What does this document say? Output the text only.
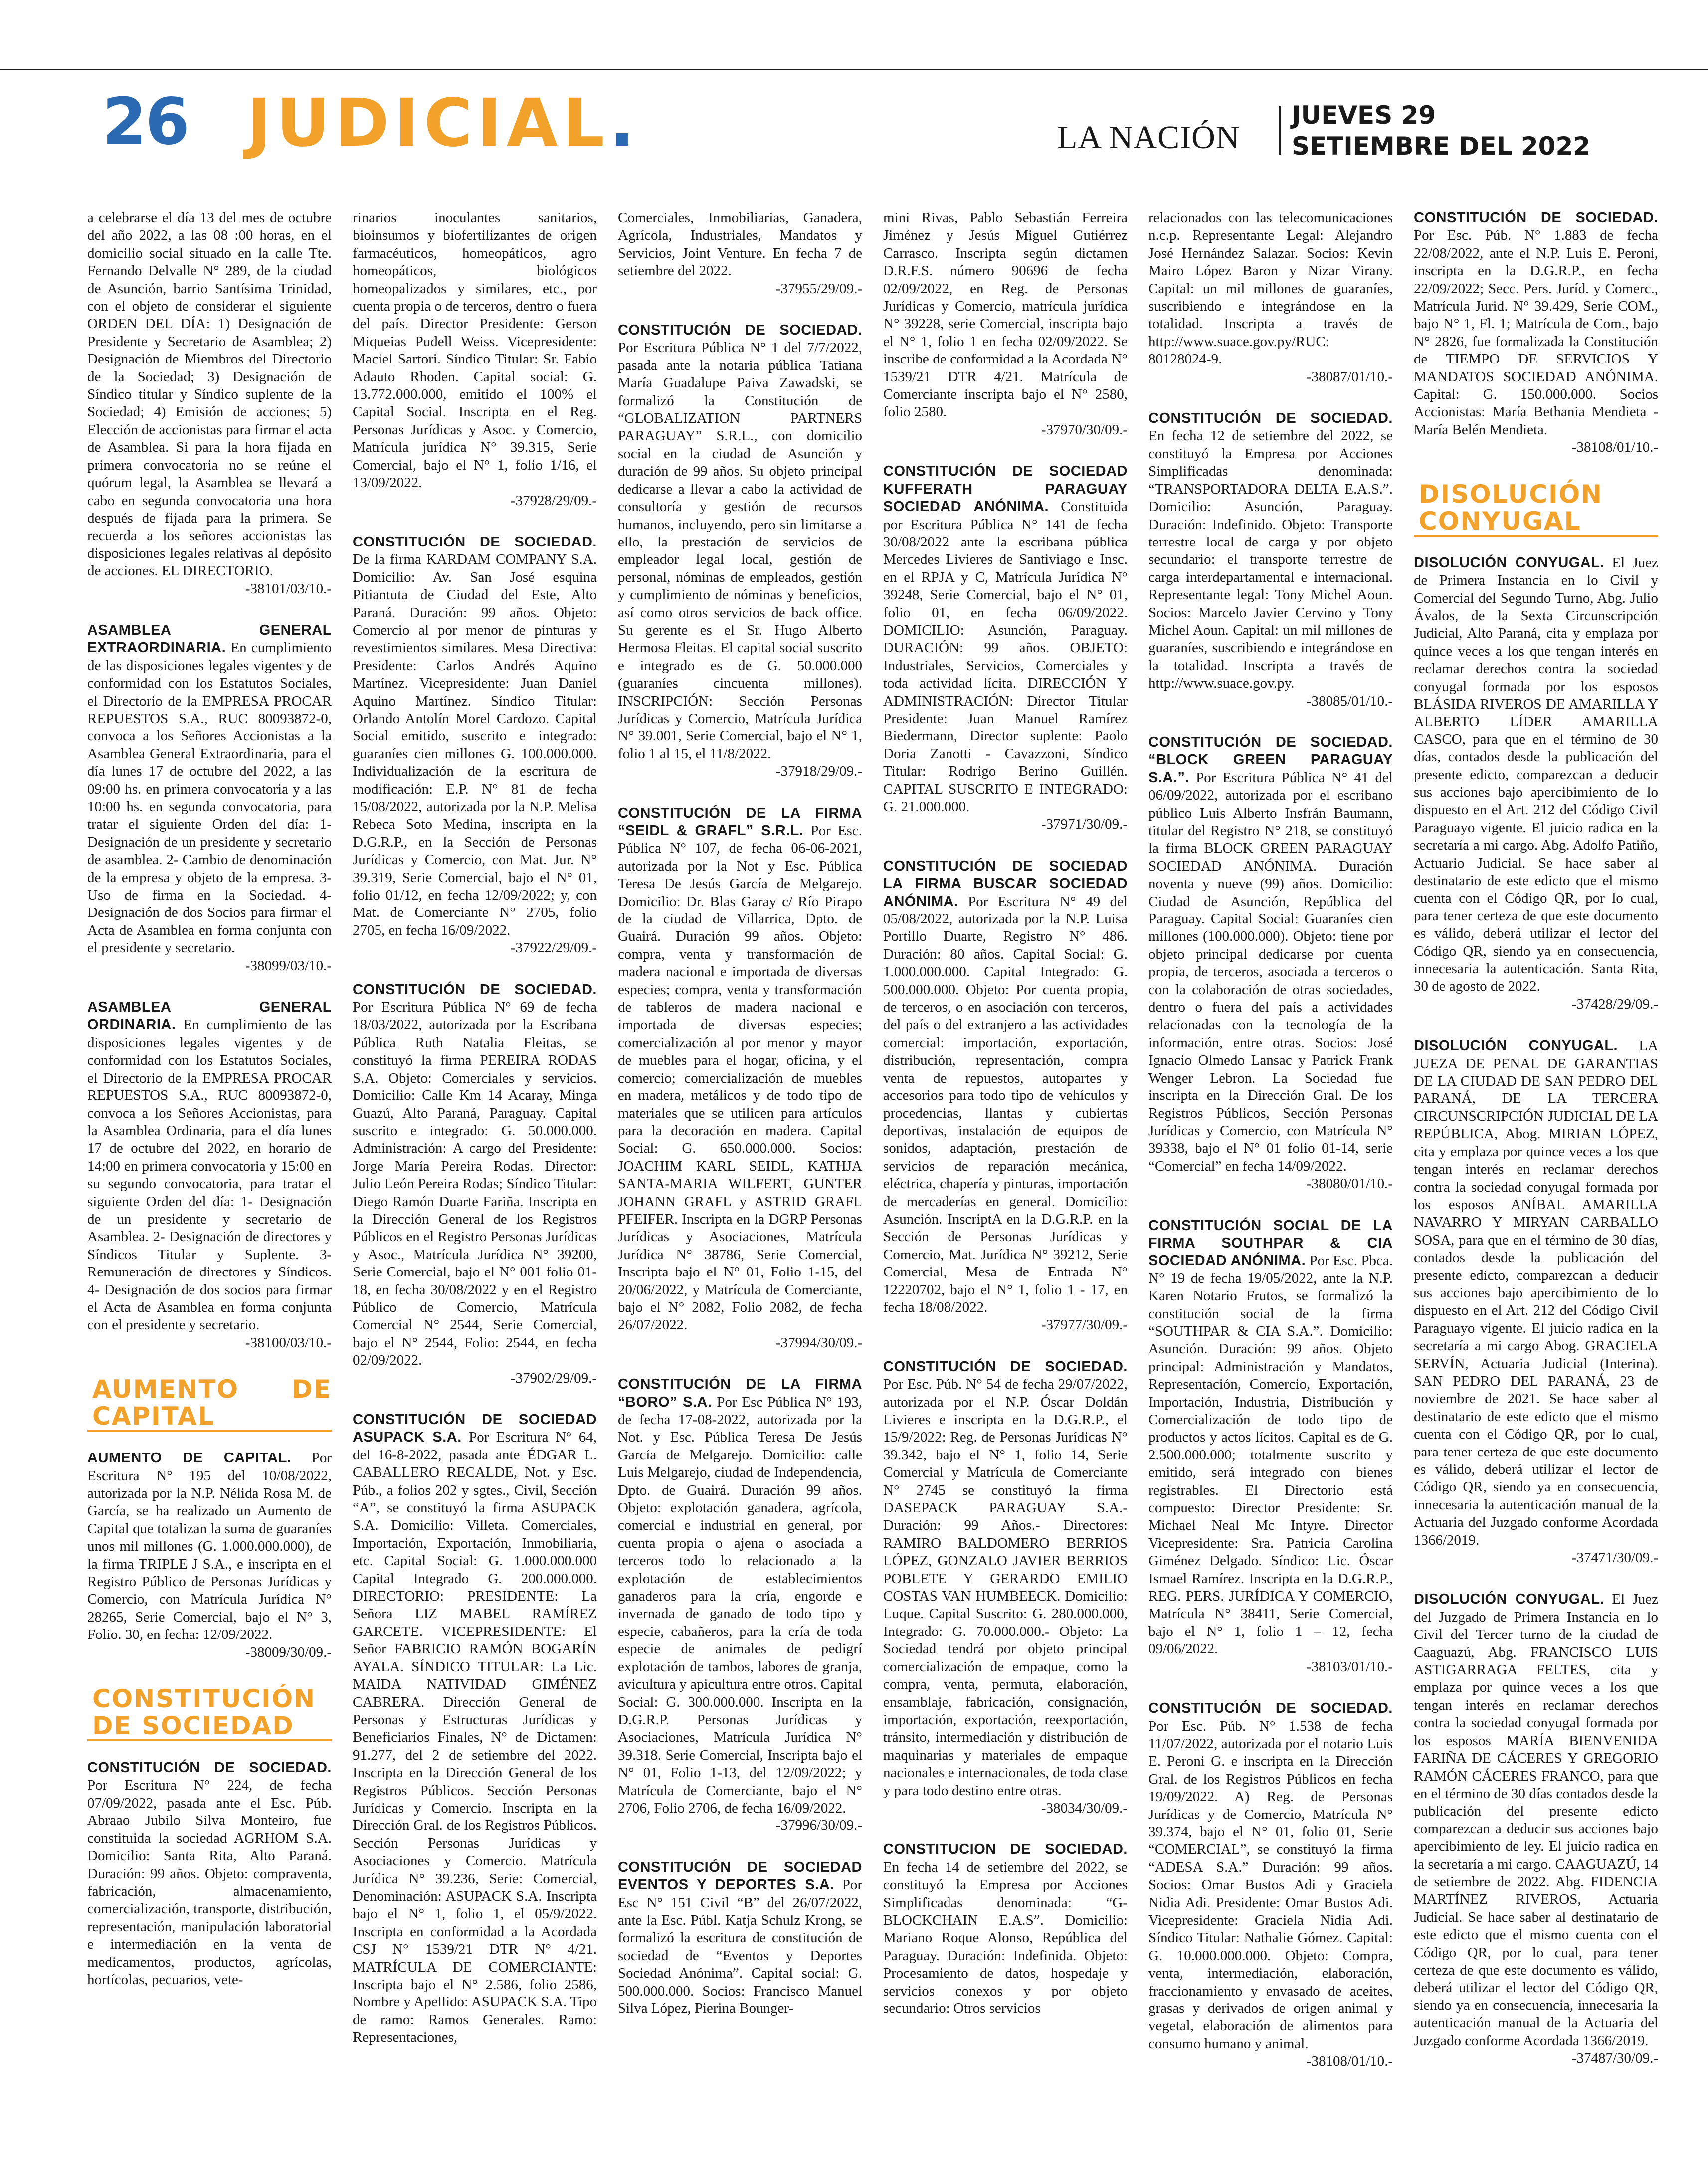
26 JUDICIAL.	LA NACIÓN
JUEVES 29
SETIEMBRE DEL 2022

a celebrarse el día 13 del mes de octubre del año 2022, a las 08 :00 horas, en el domicilio social situado en la calle Tte. Fernando Delvalle N° 289, de la ciudad de Asunción, barrio Santísima Trinidad, con el objeto de considerar el siguiente ORDEN DEL DÍA: 1) Designación de Presidente y Secretario de Asamblea; 2) Designación de Miembros del Directorio de la Sociedad; 3) Designación de Síndico titular y Síndico suplente de la Sociedad; 4) Emisión de acciones; 5) Elección de accionistas para firmar el acta de Asamblea. Si para la hora fijada en primera convocatoria no se reúne el quórum legal, la Asamblea se llevará a cabo en segunda convocatoria una hora después de fijada para la primera. Se recuerda a los señores accionistas las disposiciones legales relativas al depósito de acciones. EL DIRECTORIO.
-38101/03/10.-

ASAMBLEA GENERAL EXTRAORDINARIA. En cumplimiento de las disposiciones legales vigentes y de conformidad con los Estatutos Sociales, el Directorio de la EMPRESA PROCAR REPUESTOS S.A., RUC 80093872-0, convoca a los Señores Accionistas a la Asamblea General Extraordinaria, para el día lunes 17 de octubre del 2022, a las 09:00 hs. en primera convocatoria y a las 10:00 hs. en segunda convocatoria, para tratar el siguiente Orden del día: 1- Designación de un presidente y secretario de asamblea. 2- Cambio de denominación de la empresa y objeto de la empresa. 3- Uso de firma en la Sociedad. 4- Designación de dos Socios para firmar el Acta de Asamblea en forma conjunta con el presidente y secretario.
-38099/03/10.-

ASAMBLEA GENERAL ORDINARIA. En cumplimiento de las disposiciones legales vigentes y de conformidad con los Estatutos Sociales, el Directorio de la EMPRESA PROCAR REPUESTOS S.A., RUC 80093872-0, convoca a los Señores Accionistas, para la Asamblea Ordinaria, para el día lunes 17 de octubre del 2022, en horario de 14:00 en primera convocatoria y 15:00 en su segundo convocatoria, para tratar el siguiente Orden del día: 1- Designación de un presidente y secretario de Asamblea. 2- Designación de directores y Síndicos Titular y Suplente. 3- Remuneración de directores y Síndicos. 4- Designación de dos socios para firmar el Acta de Asamblea en forma conjunta con el presidente y secretario.
-38100/03/10.-

AUMENTO DE CAPITAL

AUMENTO DE CAPITAL. Por Escritura N° 195 del 10/08/2022, autorizada por la N.P. Nélida Rosa M. de García, se ha realizado un Aumento de Capital que totalizan la suma de guaraníes unos mil millones (G. 1.000.000.000), de la firma TRIPLE J S.A., e inscripta en el Registro Público de Personas Jurídicas y Comercio, con Matrícula Jurídica N° 28265, Serie Comercial, bajo el N° 3, Folio. 30, en fecha: 12/09/2022.
-38009/30/09.-

CONSTITUCIÓN DE SOCIEDAD

CONSTITUCIÓN DE SOCIEDAD. Por Escritura N° 224, de fecha 07/09/2022, pasada ante el Esc. Púb. Abraao Jubilo Silva Monteiro, fue constituida la sociedad AGRHOM S.A. Domicilio: Santa Rita, Alto Paraná. Duración: 99 años. Objeto: compraventa, fabricación, almacenamiento, comercialización, transporte, distribución, representación, manipulación laboratorial e intermediación en la venta de medicamentos, productos, agrícolas, hortícolas, pecuarios, vete-

rinarios inoculantes sanitarios, bioinsumos y biofertilizantes de origen farmacéuticos, homeopáticos, agro homeopáticos, biológicos homeopalizados y similares, etc., por cuenta propia o de terceros, dentro o fuera del país. Director Presidente: Gerson Miqueias Pudell Weiss. Vicepresidente: Maciel Sartori. Síndico Titular: Sr. Fabio Adauto Rhoden. Capital social: G. 13.772.000.000, emitido el 100% el Capital Social. Inscripta en el Reg. Personas Jurídicas y Asoc. y Comercio, Matrícula jurídica N° 39.315, Serie Comercial, bajo el N° 1, folio 1/16, el 13/09/2022.
-37928/29/09.-

CONSTITUCIÓN DE SOCIEDAD. De la firma KARDAM COMPANY S.A. Domicilio: Av. San José esquina Pitiantuta de Ciudad del Este, Alto Paraná. Duración: 99 años. Objeto: Comercio al por menor de pinturas y revestimientos similares. Mesa Directiva: Presidente: Carlos Andrés Aquino Martínez. Vicepresidente: Juan Daniel Aquino Martínez. Síndico Titular: Orlando Antolín Morel Cardozo. Capital Social emitido, suscrito e integrado: guaraníes cien millones G. 100.000.000. Individualización de la escritura de modificación: E.P. N° 81 de fecha 15/08/2022, autorizada por la N.P. Melisa Rebeca Soto Medina, inscripta en la D.G.R.P., en la Sección de Personas Jurídicas y Comercio, con Mat. Jur. N° 39.319, Serie Comercial, bajo el N° 01, folio 01/12, en fecha 12/09/2022; y, con Mat. de Comerciante N° 2705, folio 2705, en fecha 16/09/2022.
-37922/29/09.-

CONSTITUCIÓN DE SOCIEDAD. Por Escritura Pública N° 69 de fecha 18/03/2022, autorizada por la Escribana Pública Ruth Natalia Fleitas, se constituyó la firma PEREIRA RODAS S.A. Objeto: Comerciales y servicios. Domicilio: Calle Km 14 Acaray, Minga Guazú, Alto Paraná, Paraguay. Capital suscrito e integrado: G. 50.000.000. Administración: A cargo del Presidente: Jorge María Pereira Rodas. Director: Julio León Pereira Rodas; Síndico Titular: Diego Ramón Duarte Fariña. Inscripta en la Dirección General de los Registros Públicos en el Registro Personas Jurídicas y Asoc., Matrícula Jurídica N° 39200, Serie Comercial, bajo el N° 001 folio 01-18, en fecha 30/08/2022 y en el Registro Público de Comercio, Matrícula Comercial N° 2544, Serie Comercial, bajo el N° 2544, Folio: 2544, en fecha 02/09/2022.
-37902/29/09.-

CONSTITUCIÓN DE SOCIEDAD ASUPACK S.A. Por Escritura N° 64, del 16-8-2022, pasada ante ÉDGAR L. CABALLERO RECALDE, Not. y Esc. Púb., a folios 202 y sgtes., Civil, Sección “A”, se constituyó la firma ASUPACK S.A. Domicilio: Villeta. Comerciales, Importación, Exportación, Inmobiliaria, etc. Capital Social: G. 1.000.000.000 Capital Integrado G. 200.000.000. DIRECTORIO: PRESIDENTE: La Señora LIZ MABEL RAMÍREZ GARCETE. VICEPRESIDENTE: El Señor FABRICIO RAMÓN BOGARÍN AYALA. SÍNDICO TITULAR: La Lic. MAIDA NATIVIDAD GIMÉNEZ CABRERA. Dirección General de Personas y Estructuras Jurídicas y Beneficiarios Finales, N° de Dictamen: 91.277, del 2 de setiembre del 2022. Inscripta en la Dirección General de los Registros Públicos. Sección Personas Jurídicas y Comercio. Inscripta en la Dirección Gral. de los Registros Públicos. Sección Personas Jurídicas y Asociaciones y Comercio. Matrícula Jurídica N° 39.236, Serie: Comercial, Denominación: ASUPACK S.A. Inscripta bajo el N° 1, folio 1, el 05/9/2022. Inscripta en conformidad a la Acordada CSJ N° 1539/21 DTR N° 4/21. MATRÍCULA DE COMERCIANTE: Inscripta bajo el N° 2.586, folio 2586, Nombre y Apellido: ASUPACK S.A. Tipo de ramo: Ramos Generales. Ramo: Representaciones,

Comerciales, Inmobiliarias, Ganadera, Agrícola, Industriales, Mandatos y Servicios, Joint Venture. En fecha 7 de setiembre del 2022.
-37955/29/09.-

CONSTITUCIÓN DE SOCIEDAD. Por Escritura Pública N° 1 del 7/7/2022, pasada ante la notaria pública Tatiana María Guadalupe Paiva Zawadski, se formalizó la Constitución de “GLOBALIZATION PARTNERS PARAGUAY” S.R.L., con domicilio social en la ciudad de Asunción y duración de 99 años. Su objeto principal dedicarse a llevar a cabo la actividad de consultoría y gestión de recursos humanos, incluyendo, pero sin limitarse a ello, la prestación de servicios de empleador legal local, gestión de personal, nóminas de empleados, gestión y cumplimiento de nóminas y beneficios, así como otros servicios de back office. Su gerente es el Sr. Hugo Alberto Hermosa Fleitas. El capital social suscrito e integrado es de G. 50.000.000 (guaraníes cincuenta millones). INSCRIPCIÓN: Sección Personas Jurídicas y Comercio, Matrícula Jurídica N° 39.001, Serie Comercial, bajo el N° 1, folio 1 al 15, el 11/8/2022.
-37918/29/09.-

CONSTITUCIÓN DE LA FIRMA “SEIDL & GRAFL” S.R.L. Por Esc. Pública N° 107, de fecha 06-06-2021, autorizada por la Not y Esc. Pública Teresa De Jesús García de Melgarejo. Domicilio: Dr. Blas Garay c/ Río Pirapo de la ciudad de Villarrica, Dpto. de Guairá. Duración 99 años. Objeto: compra, venta y transformación de madera nacional e importada de diversas especies; compra, venta y transformación de tableros de madera nacional e importada de diversas especies; comercialización al por menor y mayor de muebles para el hogar, oficina, y el comercio; comercialización de muebles en madera, metálicos y de todo tipo de materiales que se utilicen para artículos para la decoración en madera. Capital Social: G. 650.000.000. Socios: JOACHIM KARL SEIDL, KATHJA SANTA-MARIA WILFERT, GUNTER JOHANN GRAFL y ASTRID GRAFL PFEIFER. Inscripta en la DGRP Personas Jurídicas y Asociaciones, Matrícula Jurídica N° 38786, Serie Comercial, Inscripta bajo el N° 01, Folio 1-15, del 20/06/2022, y Matrícula de Comerciante, bajo el N° 2082, Folio 2082, de fecha 26/07/2022.
-37994/30/09.-

CONSTITUCIÓN DE LA FIRMA “BORO” S.A. Por Esc Pública N° 193, de fecha 17-08-2022, autorizada por la Not. y Esc. Pública Teresa De Jesús García de Melgarejo. Domicilio: calle Luis Melgarejo, ciudad de Independencia, Dpto. de Guairá. Duración 99 años. Objeto: explotación ganadera, agrícola, comercial e industrial en general, por cuenta propia o ajena o asociada a terceros todo lo relacionado a la explotación de establecimientos ganaderos para la cría, engorde e invernada de ganado de todo tipo y especie, cabañeros, para la cría de toda especie de animales de pedigrí explotación de tambos, labores de granja, avicultura y apicultura entre otros. Capital Social: G. 300.000.000. Inscripta en la D.G.R.P. Personas Jurídicas y Asociaciones, Matrícula Jurídica N° 39.318. Serie Comercial, Inscripta bajo el N° 01, Folio 1-13, del 12/09/2022; y Matrícula de Comerciante, bajo el N° 2706, Folio 2706, de fecha 16/09/2022.
-37996/30/09.-

CONSTITUCIÓN DE SOCIEDAD EVENTOS Y DEPORTES S.A. Por Esc N° 151 Civil “B” del 26/07/2022, ante la Esc. Públ. Katja Schulz Krong, se formalizó la escritura de constitución de sociedad de “Eventos y Deportes Sociedad Anónima”. Capital social: G. 500.000.000. Socios: Francisco Manuel Silva López, Pierina Bounger-

mini Rivas, Pablo Sebastián Ferreira Jiménez y Jesús Miguel Gutiérrez Carrasco. Inscripta según dictamen D.R.F.S. número 90696 de fecha 02/09/2022, en Reg. de Personas Jurídicas y Comercio, matrícula jurídica N° 39228, serie Comercial, inscripta bajo el N° 1, folio 1 en fecha 02/09/2022. Se inscribe de conformidad a la Acordada N° 1539/21 DTR 4/21. Matrícula de Comerciante inscripta bajo el N° 2580, folio 2580.
-37970/30/09.-

CONSTITUCIÓN DE SOCIEDAD KUFFERATH PARAGUAY SOCIEDAD ANÓNIMA. Constituida por Escritura Pública N° 141 de fecha 30/08/2022 ante la escribana pública Mercedes Livieres de Santiviago e Insc. en el RPJA y C, Matrícula Jurídica N° 39248, Serie Comercial, bajo el N° 01, folio 01, en fecha 06/09/2022. DOMICILIO: Asunción, Paraguay. DURACIÓN: 99 años. OBJETO: Industriales, Servicios, Comerciales y toda actividad lícita. DIRECCIÓN Y ADMINISTRACIÓN: Director Titular Presidente: Juan Manuel Ramírez Biedermann, Director suplente: Paolo Doria Zanotti - Cavazzoni, Síndico Titular: Rodrigo Berino Guillén. CAPITAL SUSCRITO E INTEGRADO: G. 21.000.000.
-37971/30/09.-

CONSTITUCIÓN DE SOCIEDAD LA FIRMA BUSCAR SOCIEDAD ANÓNIMA. Por Escritura N° 49 del 05/08/2022, autorizada por la N.P. Luisa Portillo Duarte, Registro N° 486. Duración: 80 años. Capital Social: G. 1.000.000.000. Capital Integrado: G. 500.000.000. Objeto: Por cuenta propia, de terceros, o en asociación con terceros, del país o del extranjero a las actividades comercial: importación, exportación, distribución, representación, compra venta de repuestos, autopartes y accesorios para todo tipo de vehículos y procedencias, llantas y cubiertas deportivas, instalación de equipos de sonidos, adaptación, prestación de servicios de reparación mecánica, eléctrica, chapería y pinturas, importación de mercaderías en general. Domicilio: Asunción. InscriptA en la D.G.R.P. en la Sección de Personas Jurídicas y Comercio, Mat. Jurídica N° 39212, Serie Comercial, Mesa de Entrada N° 12220702, bajo el N° 1, folio 1 - 17, en fecha 18/08/2022.
-37977/30/09.-

CONSTITUCIÓN DE SOCIEDAD. Por Esc. Púb. N° 54 de fecha 29/07/2022, autorizada por el N.P. Óscar Doldán Livieres e inscripta en la D.G.R.P., el 15/9/2022: Reg. de Personas Jurídicas N° 39.342, bajo el N° 1, folio 14, Serie Comercial y Matrícula de Comerciante N° 2745 se constituyó la firma DASEPACK PARAGUAY S.A.- Duración: 99 Años.- Directores: RAMIRO BALDOMERO BERRIOS LÓPEZ, GONZALO JAVIER BERRIOS POBLETE Y GERARDO EMILIO COSTAS VAN HUMBEECK. Domicilio: Luque. Capital Suscrito: G. 280.000.000, Integrado: G. 70.000.000.- Objeto: La Sociedad tendrá por objeto principal comercialización de empaque, como la compra, venta, permuta, elaboración, ensamblaje, fabricación, consignación, importación, exportación, reexportación, tránsito, intermediación y distribución de maquinarias y materiales de empaque nacionales e internacionales, de toda clase y para todo destino entre otras.
-38034/30/09.-

CONSTITUCION DE SOCIEDAD. En fecha 14 de setiembre del 2022, se constituyó la Empresa por Acciones Simplificadas denominada: “G-BLOCKCHAIN E.A.S”. Domicilio: Mariano Roque Alonso, República del Paraguay. Duración: Indefinida. Objeto: Procesamiento de datos, hospedaje y servicios conexos y por objeto secundario: Otros servicios

relacionados con las telecomunicaciones n.c.p. Representante Legal: Alejandro José Hernández Salazar. Socios: Kevin Mairo López Baron y Nizar Virany. Capital: un mil millones de guaraníes, suscribiendo e integrándose en la totalidad. Inscripta a través de http://www.suace.gov.py/RUC: 80128024-9.
-38087/01/10.-

CONSTITUCIÓN DE SOCIEDAD. En fecha 12 de setiembre del 2022, se constituyó la Empresa por Acciones Simplificadas denominada: “TRANSPORTADORA DELTA E.A.S.”. Domicilio: Asunción, Paraguay. Duración: Indefinido. Objeto: Transporte terrestre local de carga y por objeto secundario: el transporte terrestre de carga interdepartamental e internacional. Representante legal: Tony Michel Aoun. Socios: Marcelo Javier Cervino y Tony Michel Aoun. Capital: un mil millones de guaraníes, suscribiendo e integrándose en la totalidad. Inscripta a través de http://www.suace.gov.py.
-38085/01/10.-

CONSTITUCIÓN DE SOCIEDAD. “BLOCK GREEN PARAGUAY S.A.”. Por Escritura Pública N° 41 del 06/09/2022, autorizada por el escribano público Luis Alberto Insfrán Baumann, titular del Registro N° 218, se constituyó la firma BLOCK GREEN PARAGUAY SOCIEDAD ANÓNIMA. Duración noventa y nueve (99) años. Domicilio: Ciudad de Asunción, República del Paraguay. Capital Social: Guaraníes cien millones (100.000.000). Objeto: tiene por objeto principal dedicarse por cuenta propia, de terceros, asociada a terceros o con la colaboración de otras sociedades, dentro o fuera del país a actividades relacionadas con la tecnología de la información, entre otras. Socios: José Ignacio Olmedo Lansac y Patrick Frank Wenger Lebron. La Sociedad fue inscripta en la Dirección Gral. De los Registros Públicos, Sección Personas Jurídicas y Comercio, con Matrícula N° 39338, bajo el N° 01 folio 01-14, serie “Comercial” en fecha 14/09/2022.
-38080/01/10.-

CONSTITUCIÓN SOCIAL DE LA FIRMA SOUTHPAR & CIA SOCIEDAD ANÓNIMA. Por Esc. Pbca. N° 19 de fecha 19/05/2022, ante la N.P. Karen Notario Frutos, se formalizó la constitución social de la firma “SOUTHPAR & CIA S.A.”. Domicilio: Asunción. Duración: 99 años. Objeto principal: Administración y Mandatos, Representación, Comercio, Exportación, Importación, Industria, Distribución y Comercialización de todo tipo de productos y actos lícitos. Capital es de G. 2.500.000.000; totalmente suscrito y emitido, será integrado con bienes registrables. El Directorio está compuesto: Director Presidente: Sr. Michael Neal Mc Intyre. Director Vicepresidente: Sra. Patricia Carolina Giménez Delgado. Síndico: Lic. Óscar Ismael Ramírez. Inscripta en la D.G.R.P., REG. PERS. JURÍDICA Y COMERCIO, Matrícula N° 38411, Serie Comercial, bajo el N° 1, folio 1 – 12, fecha 09/06/2022.
-38103/01/10.-

CONSTITUCIÓN DE SOCIEDAD. Por Esc. Púb. N° 1.538 de fecha 11/07/2022, autorizada por el notario Luis E. Peroni G. e inscripta en la Dirección Gral. de los Registros Públicos en fecha 19/09/2022. A) Reg. de Personas Jurídicas y de Comercio, Matrícula N° 39.374, bajo el N° 01, folio 01, Serie “COMERCIAL”, se constituyó la firma “ADESA S.A.” Duración: 99 años. Socios: Omar Bustos Adi y Graciela Nidia Adi. Presidente: Omar Bustos Adi. Vicepresidente: Graciela Nidia Adi. Síndico Titular: Nathalie Gómez. Capital: G. 10.000.000.000. Objeto: Compra, venta, intermediación, elaboración, fraccionamiento y envasado de aceites, grasas y derivados de origen animal y vegetal, elaboración de alimentos para consumo humano y animal.
-38108/01/10.-

CONSTITUCIÓN DE SOCIEDAD. Por Esc. Púb. N° 1.883 de fecha 22/08/2022, ante el N.P. Luis E. Peroni, inscripta en la D.G.R.P., en fecha 22/09/2022; Secc. Pers. Juríd. y Comerc., Matrícula Jurid. N° 39.429, Serie COM., bajo N° 1, Fl. 1; Matrícula de Com., bajo N° 2826, fue formalizada la Constitución de TIEMPO DE SERVICIOS Y MANDATOS SOCIEDAD ANÓNIMA. Capital: G. 150.000.000. Socios Accionistas: María Bethania Mendieta - María Belén Mendieta.
-38108/01/10.-

DISOLUCIÓN CONYUGAL

DISOLUCIÓN CONYUGAL. El Juez de Primera Instancia en lo Civil y Comercial del Segundo Turno, Abg. Julio Ávalos, de la Sexta Circunscripción Judicial, Alto Paraná, cita y emplaza por quince veces a los que tengan interés en reclamar derechos contra la sociedad conyugal formada por los esposos BLÁSIDA RIVEROS DE AMARILLA Y ALBERTO LÍDER AMARILLA CASCO, para que en el término de 30 días, contados desde la publicación del presente edicto, comparezcan a deducir sus acciones bajo apercibimiento de lo dispuesto en el Art. 212 del Código Civil Paraguayo vigente. El juicio radica en la secretaría a mi cargo. Abg. Adolfo Patiño, Actuario Judicial. Se hace saber al destinatario de este edicto que el mismo cuenta con el Código QR, por lo cual, para tener certeza de que este documento es válido, deberá utilizar el lector del Código QR, siendo ya en consecuencia, innecesaria la autenticación. Santa Rita, 30 de agosto de 2022.
-37428/29/09.-

DISOLUCIÓN CONYUGAL. LA JUEZA DE PENAL DE GARANTIAS DE LA CIUDAD DE SAN PEDRO DEL PARANÁ, DE LA TERCERA CIRCUNSCRIPCIÓN JUDICIAL DE LA REPÚBLICA, Abog. MIRIAN LÓPEZ, cita y emplaza por quince veces a los que tengan interés en reclamar derechos contra la sociedad conyugal formada por los esposos ANÍBAL AMARILLA NAVARRO Y MIRYAN CARBALLO SOSA, para que en el término de 30 días, contados desde la publicación del presente edicto, comparezcan a deducir sus acciones bajo apercibimiento de lo dispuesto en el Art. 212 del Código Civil Paraguayo vigente. El juicio radica en la secretaría a mi cargo Abog. GRACIELA SERVÍN, Actuaria Judicial (Interina). SAN PEDRO DEL PARANÁ, 23 de noviembre de 2021. Se hace saber al destinatario de este edicto que el mismo cuenta con el Código QR, por lo cual, para tener certeza de que este documento es válido, deberá utilizar el lector de Código QR, siendo ya en consecuencia, innecesaria la autenticación manual de la Actuaria del Juzgado conforme Acordada 1366/2019.
-37471/30/09.-

DISOLUCIÓN CONYUGAL. El Juez del Juzgado de Primera Instancia en lo Civil del Tercer turno de la ciudad de Caaguazú, Abg. FRANCISCO LUIS ASTIGARRAGA FELTES, cita y emplaza por quince veces a los que tengan interés en reclamar derechos contra la sociedad conyugal formada por los esposos MARÍA BIENVENIDA FARIÑA DE CÁCERES Y GREGORIO RAMÓN CÁCERES FRANCO, para que en el término de 30 días contados desde la publicación del presente edicto comparezcan a deducir sus acciones bajo apercibimiento de ley. El juicio radica en la secretaría a mi cargo. CAAGUAZÚ, 14 de setiembre de 2022. Abg. FIDENCIA MARTÍNEZ RIVEROS, Actuaria Judicial. Se hace saber al destinatario de este edicto que el mismo cuenta con el Código QR, por lo cual, para tener certeza de que este documento es válido, deberá utilizar el lector del Código QR, siendo ya en consecuencia, innecesaria la autenticación manual de la Actuaria del Juzgado conforme Acordada 1366/2019.
-37487/30/09.-
